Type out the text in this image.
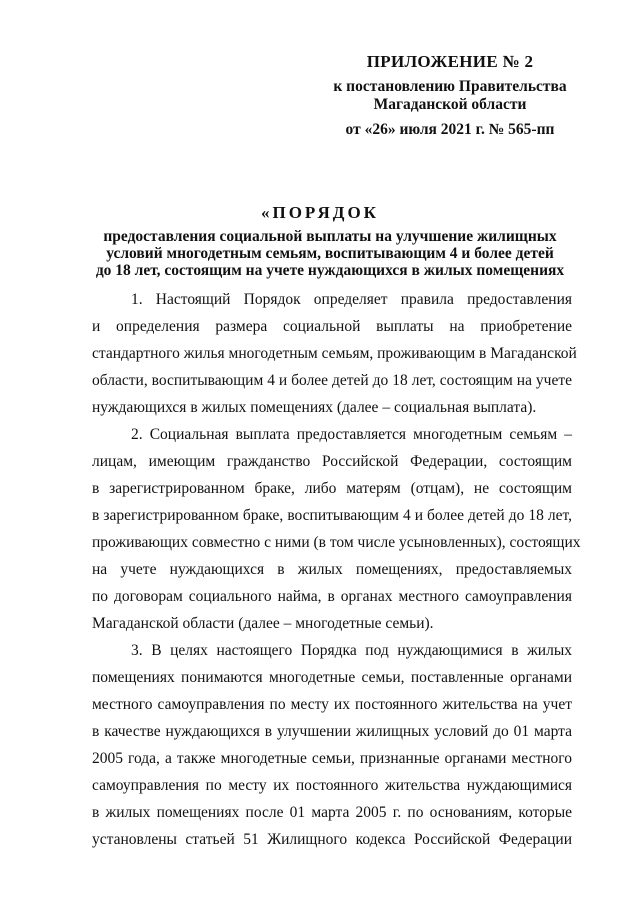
ПРИЛОЖЕНИЕ № 2
к постановлению Правительства
Магаданской области
от «26» июля 2021 г. № 565-пп
«ПОРЯДОК
предоставления социальной выплаты на улучшение жилищных
условий многодетным семьям, воспитывающим 4 и более детей
до 18 лет, состоящим на учете нуждающихся в жилых помещениях
1. Настоящий Порядок определяет правила предоставления
и определения размера социальной выплаты на приобретение
стандартного жилья многодетным семьям, проживающим в Магаданской
области, воспитывающим 4 и более детей до 18 лет, состоящим на учете
нуждающихся в жилых помещениях (далее – социальная выплата).
2. Социальная выплата предоставляется многодетным семьям –
лицам, имеющим гражданство Российской Федерации, состоящим
в зарегистрированном браке, либо матерям (отцам), не состоящим
в зарегистрированном браке, воспитывающим 4 и более детей до 18 лет,
проживающих совместно с ними (в том числе усыновленных), состоящих
на учете нуждающихся в жилых помещениях, предоставляемых
по договорам социального найма, в органах местного самоуправления
Магаданской области (далее – многодетные семьи).
3. В целях настоящего Порядка под нуждающимися в жилых
помещениях понимаются многодетные семьи, поставленные органами
местного самоуправления по месту их постоянного жительства на учет
в качестве нуждающихся в улучшении жилищных условий до 01 марта
2005 года, а также многодетные семьи, признанные органами местного
самоуправления по месту их постоянного жительства нуждающимися
в жилых помещениях после 01 марта 2005 г. по основаниям, которые
установлены статьей 51 Жилищного кодекса Российской Федерации
